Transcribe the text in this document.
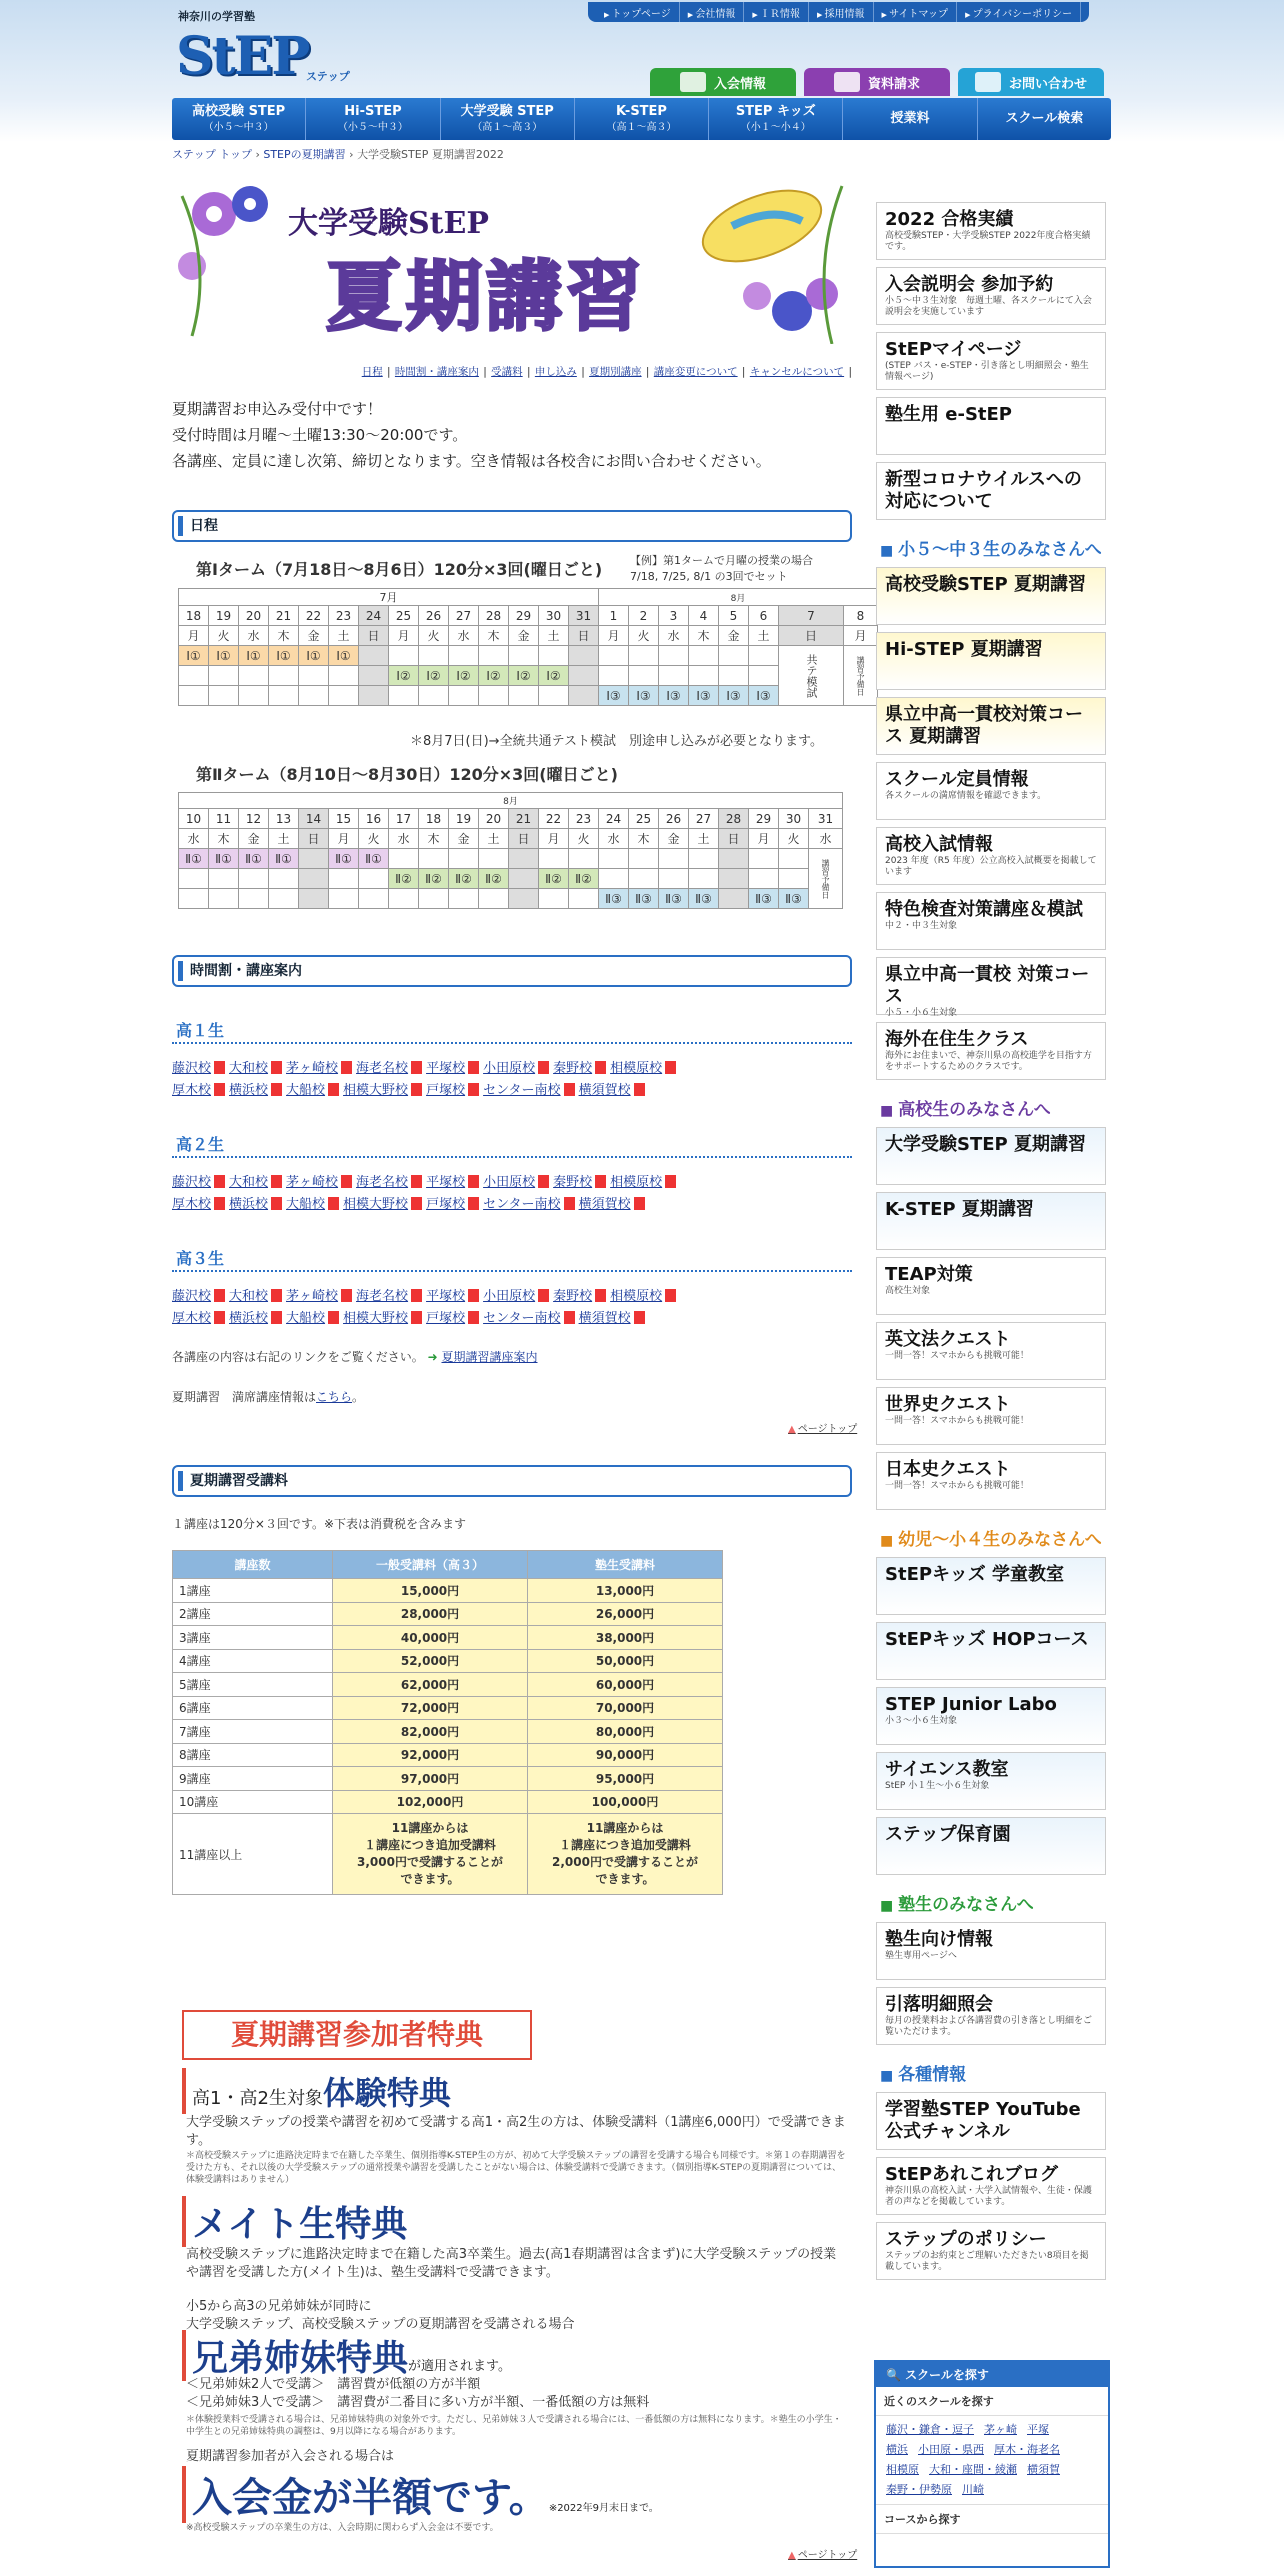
神奈川の学習塾
StEP
ステップ
▶ トップページ	▶ 会社情報	▶ ＩＲ情報	▶ 採用情報	▶ サイトマップ	▶ プライバシーポリシー
入会情報	資料請求	お問い合わせ
高校受験 STEP
（小５～中３）
Hi-STEP
（小５～中３）
大学受験 STEP
（高１～高３）
K-STEP
（高１～高３）
STEP キッズ
（小１～小４）
授業料	スクール検索
ステップ トップ › STEPの夏期講習 › 大学受験STEP 夏期講習2022
大学受験StEP
夏期講習
日程 | 時間割・講座案内 | 受講料 | 申し込み | 夏期別講座 | 講座変更について | キャンセルについて |
夏期講習お申込み受付中です！
受付時間は月曜～土曜13:30～20:00です。
各講座、定員に達し次第、締切となります。空き情報は各校舎にお問い合わせください。
日程
第Ⅰターム（7月18日～8月6日）120分×3回(曜日ごと)	【例】第1タームで月曜の授業の場合
7/18, 7/25, 8/1 の3回でセット
7月														8月							
18	19	20	21	22	23	24	25	26	27	28	29	30	31	1	2	3	4	5	6	7	8
月	火	水	木	金	土	日	月	火	水	木	金	土	日	月	火	水	木	金	土	日	月
Ⅰ①	Ⅰ①	Ⅰ①	Ⅰ①	Ⅰ①	Ⅰ①															共テ模試	講習予備日
							Ⅰ②	Ⅰ②	Ⅰ②	Ⅰ②	Ⅰ②	Ⅰ②									
														Ⅰ③	Ⅰ③	Ⅰ③	Ⅰ③	Ⅰ③	Ⅰ③		
＊8月7日(日)→全統共通テスト模試　別途申し込みが必要となります。
第Ⅱターム（8月10日～8月30日）120分×3回(曜日ごと)
8月																					
10	11	12	13	14	15	16	17	18	19	20	21	22	23	24	25	26	27	28	29	30	31
水	木	金	土	日	月	火	水	木	金	土	日	月	火	水	木	金	土	日	月	火	水
Ⅱ①	Ⅱ①	Ⅱ①	Ⅱ①		Ⅱ①	Ⅱ①															講習予備日
							Ⅱ②	Ⅱ②	Ⅱ②	Ⅱ②		Ⅱ②	Ⅱ②								
														Ⅱ③	Ⅱ③	Ⅱ③	Ⅱ③		Ⅱ③	Ⅱ③	
時間割・講座案内
高１生
藤沢校 大和校 茅ヶ崎校 海老名校 平塚校 小田原校 秦野校 相模原校
厚木校 横浜校 大船校 相模大野校 戸塚校 センター南校 横須賀校
高２生
藤沢校 大和校 茅ヶ崎校 海老名校 平塚校 小田原校 秦野校 相模原校
厚木校 横浜校 大船校 相模大野校 戸塚校 センター南校 横須賀校
高３生
藤沢校 大和校 茅ヶ崎校 海老名校 平塚校 小田原校 秦野校 相模原校
厚木校 横浜校 大船校 相模大野校 戸塚校 センター南校 横須賀校
各講座の内容は右記のリンクをご覧ください。 ➜ 夏期講習講座案内
夏期講習　満席講座情報はこちら。
▲ ページトップ
夏期講習受講料
１講座は120分×３回です。※下表は消費税を含みます
講座数	一般受講料（高３）	塾生受講料
1講座	15,000円	13,000円
2講座	28,000円	26,000円
3講座	40,000円	38,000円
4講座	52,000円	50,000円
5講座	62,000円	60,000円
6講座	72,000円	70,000円
7講座	82,000円	80,000円
8講座	92,000円	90,000円
9講座	97,000円	95,000円
10講座	102,000円	100,000円
11講座以上	11講座からは
１講座につき追加受講料
3,000円で受講することが
できます。	11講座からは
１講座につき追加受講料
2,000円で受講することが
できます。
夏期講習参加者特典
高1・高2生対象体験特典
大学受験ステップの授業や講習を初めて受講する高1・高2生の方は、体験受講料（1講座6,000円）で受講できます。
＊高校受験ステップに進路決定時まで在籍した卒業生、個別指導K-STEP生の方が、初めて大学受験ステップの講習を受講する場合も同様です。＊第１の春期講習を受けた方も、それ以後の大学受験ステップの通常授業や講習を受講したことがない場合は、体験受講料で受講できます。（個別指導K-STEPの夏期講習については、体験受講料はありません）
メイト生特典
高校受験ステップに進路決定時まで在籍した高3卒業生。過去(高1春期講習は含まず)に大学受験ステップの授業や講習を受講した方(メイト生)は、塾生受講料で受講できます。
小5から高3の兄弟姉妹が同時に
大学受験ステップ、高校受験ステップの夏期講習を受講される場合
兄弟姉妹特典が適用されます。
＜兄弟姉妹2人で受講＞　講習費が低額の方が半額
＜兄弟姉妹3人で受講＞　講習費が二番目に多い方が半額、一番低額の方は無料
＊体験授業料で受講される場合は、兄弟姉妹特典の対象外です。ただし、兄弟姉妹３人で受講される場合には、一番低額の方は無料になります。＊塾生の小学生・中学生との兄弟姉妹特典の調整は、9月以降になる場合があります。
夏期講習参加者が入会される場合は
入会金が半額です。※2022年9月末日まで。
※高校受験ステップの卒業生の方は、入会時期に関わらず入会金は不要です。
▲ ページトップ
2022 合格実績
高校受験STEP・大学受験STEP 2022年度合格実績です。
入会説明会 参加予約
小５～中３生対象　毎週土曜、各スクールにて入会説明会を実施しています
StEPマイページ
(STEP バス・e-STEP・引き落とし明細照会・塾生情報ページ)
塾生用 e-StEP
新型コロナウイルスへの対応について
■ 小５～中３生のみなさんへ
高校受験STEP 夏期講習
Hi-STEP 夏期講習
県立中高一貫校対策コース 夏期講習
スクール定員情報
各スクールの満席情報を確認できます。
高校入試情報
2023 年度（R5 年度）公立高校入試概要を掲載しています
特色検査対策講座＆模試
中２・中３生対象
県立中高一貫校 対策コース
小５・小６生対象
海外在住生クラス
海外にお住まいで、神奈川県の高校進学を目指す方をサポートするためのクラスです。
■ 高校生のみなさんへ
大学受験STEP 夏期講習
K-STEP 夏期講習
TEAP対策
高校生対象
英文法クエスト
一問一答！スマホからも挑戦可能！
世界史クエスト
一問一答！スマホからも挑戦可能！
日本史クエスト
一問一答！スマホからも挑戦可能！
■ 幼児～小４生のみなさんへ
StEPキッズ 学童教室
StEPキッズ HOPコース
STEP Junior Labo
小３～小６生対象
サイエンス教室
StEP 小１生～小６生対象
ステップ保育園
■ 塾生のみなさんへ
塾生向け情報
塾生専用ページへ
引落明細照会
毎月の授業料および各講習費の引き落とし明細をご覧いただけます。
■ 各種情報
学習塾STEP YouTube公式チャンネル
StEPあれこれブログ
神奈川県の高校入試・大学入試情報や、生徒・保護者の声などを掲載しています。
ステップのポリシー
ステップのお約束とご理解いただきたい8項目を掲載しています。
🔍 スクールを探す
近くのスクールを探す
藤沢・鎌倉・逗子 茅ヶ崎 平塚
横浜 小田原・県西 厚木・海老名
相模原 大和・座間・綾瀬 横須賀
秦野・伊勢原 川崎
コースから探す
